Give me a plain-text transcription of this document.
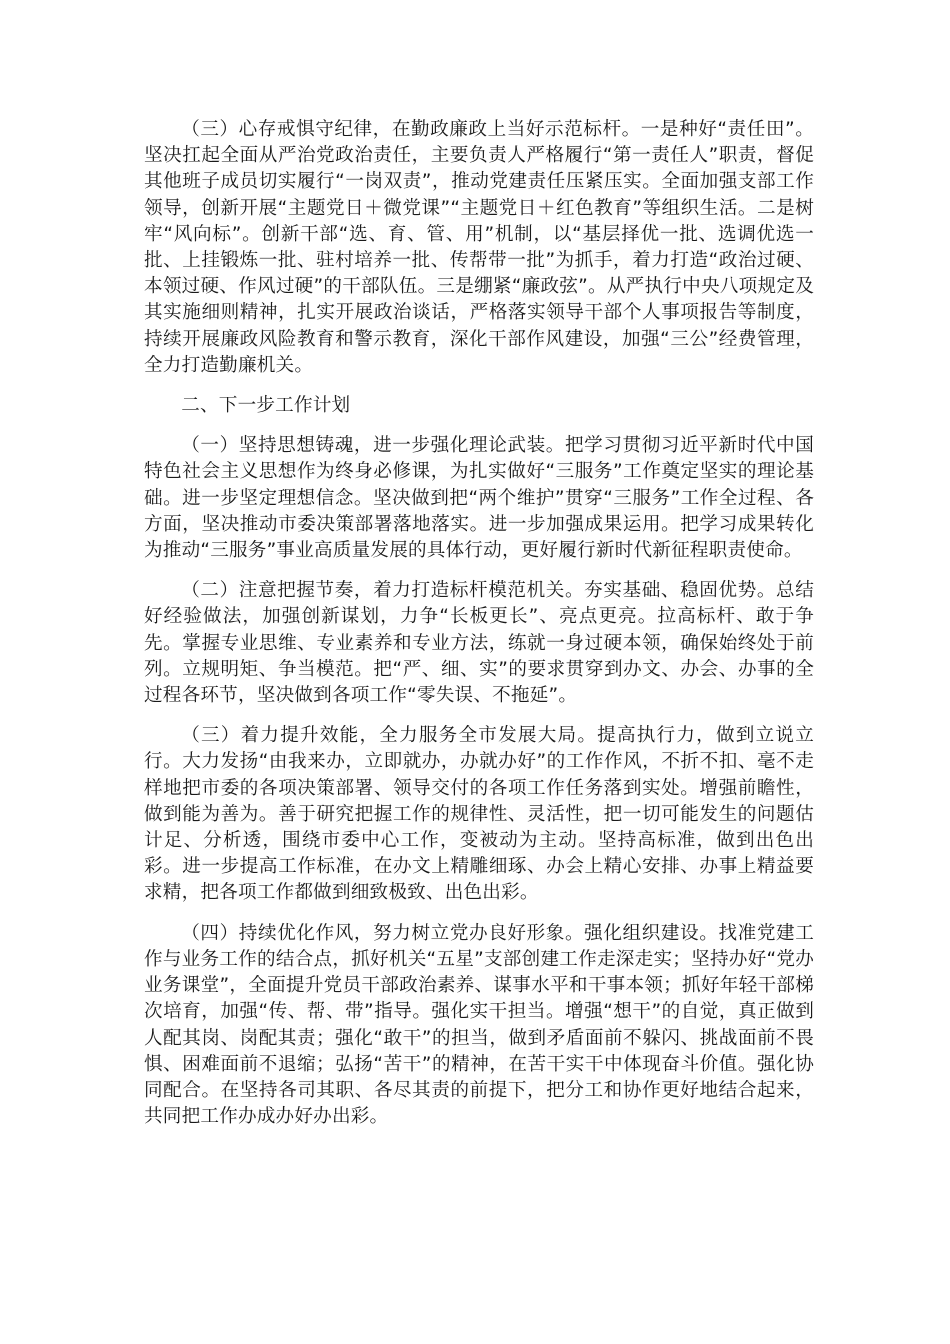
（三）心存戒惧守纪律，在勤政廉政上当好示范标杆。一是种好“责任田”。坚决扛起全面从严治党政治责任，主要负责人严格履行“第一责任人”职责，督促其他班子成员切实履行“一岗双责”，推动党建责任压紧压实。全面加强支部工作领导，创新开展“主题党日＋微党课”“主题党日＋红色教育”等组织生活。二是树牢“风向标”。创新干部“选、育、管、用”机制，以“基层择优一批、选调优选一批、上挂锻炼一批、驻村培养一批、传帮带一批”为抓手，着力打造“政治过硬、本领过硬、作风过硬”的干部队伍。三是绷紧“廉政弦”。从严执行中央八项规定及其实施细则精神，扎实开展政治谈话，严格落实领导干部个人事项报告等制度，持续开展廉政风险教育和警示教育，深化干部作风建设，加强“三公”经费管理，全力打造勤廉机关。

二、下一步工作计划

（一）坚持思想铸魂，进一步强化理论武装。把学习贯彻习近平新时代中国特色社会主义思想作为终身必修课，为扎实做好“三服务”工作奠定坚实的理论基础。进一步坚定理想信念。坚决做到把“两个维护”贯穿“三服务”工作全过程、各方面，坚决推动市委决策部署落地落实。进一步加强成果运用。把学习成果转化为推动“三服务”事业高质量发展的具体行动，更好履行新时代新征程职责使命。

（二）注意把握节奏，着力打造标杆模范机关。夯实基础、稳固优势。总结好经验做法，加强创新谋划，力争“长板更长”、亮点更亮。拉高标杆、敢于争先。掌握专业思维、专业素养和专业方法，练就一身过硬本领，确保始终处于前列。立规明矩、争当模范。把“严、细、实”的要求贯穿到办文、办会、办事的全过程各环节，坚决做到各项工作“零失误、不拖延”。

（三）着力提升效能，全力服务全市发展大局。提高执行力，做到立说立行。大力发扬“由我来办，立即就办，办就办好”的工作作风，不折不扣、毫不走样地把市委的各项决策部署、领导交付的各项工作任务落到实处。增强前瞻性，做到能为善为。善于研究把握工作的规律性、灵活性，把一切可能发生的问题估计足、分析透，围绕市委中心工作，变被动为主动。坚持高标准，做到出色出彩。进一步提高工作标准，在办文上精雕细琢、办会上精心安排、办事上精益要求精，把各项工作都做到细致极致、出色出彩。

（四）持续优化作风，努力树立党办良好形象。强化组织建设。找准党建工作与业务工作的结合点，抓好机关“五星”支部创建工作走深走实；坚持办好“党办业务课堂”，全面提升党员干部政治素养、谋事水平和干事本领；抓好年轻干部梯次培育，加强“传、帮、带”指导。强化实干担当。增强“想干”的自觉，真正做到人配其岗、岗配其责；强化“敢干”的担当，做到矛盾面前不躲闪、挑战面前不畏惧、困难面前不退缩；弘扬“苦干”的精神，在苦干实干中体现奋斗价值。强化协同配合。在坚持各司其职、各尽其责的前提下，把分工和协作更好地结合起来，共同把工作办成办好办出彩。
